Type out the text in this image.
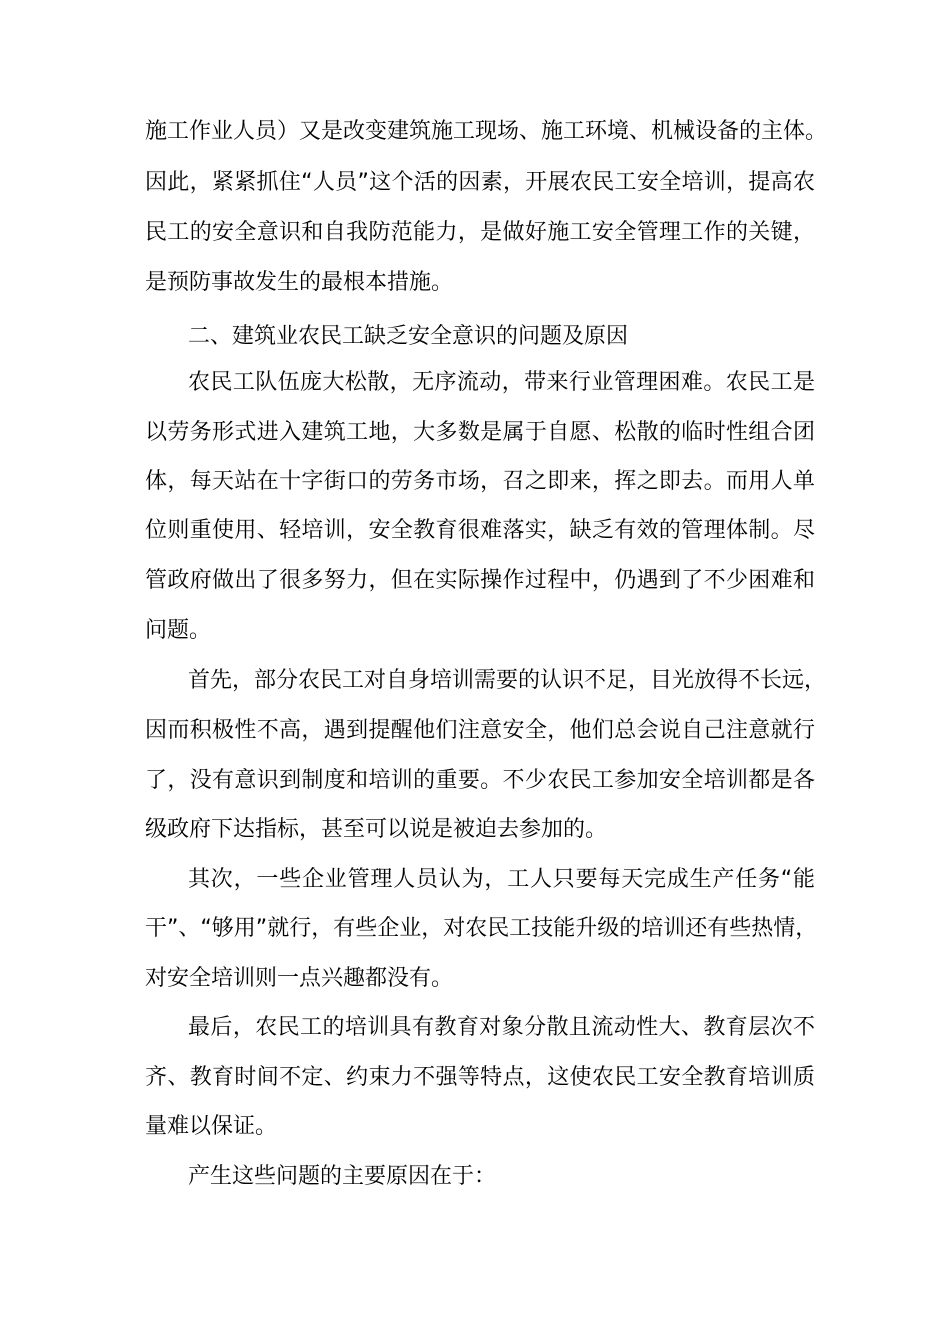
施工作业人员）又是改变建筑施工现场、施工环境、机械设备的主体。
因此，紧紧抓住“人员”这个活的因素，开展农民工安全培训，提高农
民工的安全意识和自我防范能力，是做好施工安全管理工作的关键，
是预防事故发生的最根本措施。
二、建筑业农民工缺乏安全意识的问题及原因
农民工队伍庞大松散，无序流动，带来行业管理困难。农民工是
以劳务形式进入建筑工地，大多数是属于自愿、松散的临时性组合团
体，每天站在十字街口的劳务市场，召之即来，挥之即去。而用人单
位则重使用、轻培训，安全教育很难落实，缺乏有效的管理体制。尽
管政府做出了很多努力，但在实际操作过程中，仍遇到了不少困难和
问题。
首先，部分农民工对自身培训需要的认识不足，目光放得不长远，
因而积极性不高，遇到提醒他们注意安全，他们总会说自己注意就行
了，没有意识到制度和培训的重要。不少农民工参加安全培训都是各
级政府下达指标，甚至可以说是被迫去参加的。
其次，一些企业管理人员认为，工人只要每天完成生产任务“能
干”、“够用”就行，有些企业，对农民工技能升级的培训还有些热情，
对安全培训则一点兴趣都没有。
最后，农民工的培训具有教育对象分散且流动性大、教育层次不
齐、教育时间不定、约束力不强等特点，这使农民工安全教育培训质
量难以保证。
产生这些问题的主要原因在于：
